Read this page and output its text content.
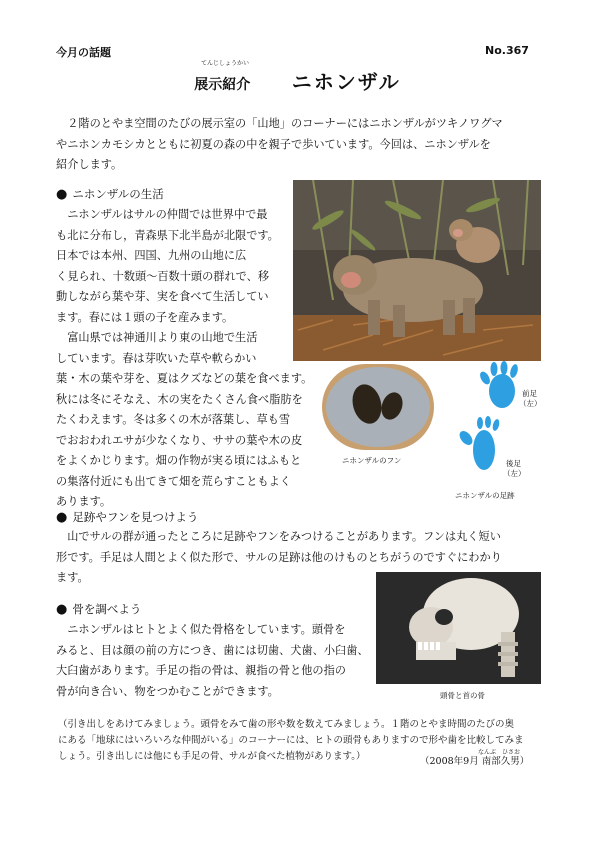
今月の話題	No.367
てんじしょうかい
展示紹介 ニホンザル
　２階のとやま空間のたびの展示室の「山地」のコーナーにはニホンザルがツキノワグマ
やニホンカモシカとともに初夏の森の中を親子で歩いています。今回は、ニホンザルを
紹介します。
● ニホンザルの生活
　ニホンザルはサルの仲間では世界中で最
も北に分布し，青森県下北半島が北限です。
日本では本州、四国、九州の山地に広
く見られ、十数頭〜百数十頭の群れで、移
動しながら葉や芽、実を食べて生活してい
ます。春には１頭の子を産みます。
　富山県では神通川より東の山地で生活
しています。春は芽吹いた草や軟らかい
葉・木の葉や芽を、夏はクズなどの葉を食べます。
秋には冬にそなえ、木の実をたくさん食べ脂肪を
たくわえます。冬は多くの木が落葉し、草も雪
でおおわれエサが少なくなり、ササの葉や木の皮
をよくかじります。畑の作物が実る頃にはふもと
の集落付近にも出てきて畑を荒らすこともよく
あります。
ニホンザルのフン
前足
（左）
後足
（左）
ニホンザルの足跡
● 足跡やフンを見つけよう
　山でサルの群が通ったところに足跡やフンをみつけることがあります。フンは丸く短い
形です。手足は人間とよく似た形で、サルの足跡は他のけものとちがうのですぐにわかり
ます。
● 骨を調べよう
　ニホンザルはヒトとよく似た骨格をしています。頭骨を
みると、目は顔の前の方につき、歯には切歯、犬歯、小臼歯、
大臼歯があります。手足の指の骨は、親指の骨と他の指の
骨が向き合い、物をつかむことができます。	頭骨と首の骨
（引き出しをあけてみましょう。頭骨をみて歯の形や数を数えてみましょう。１階のとやま時間のたびの奥
にある「地球にはいろいろな仲間がいる」のコーナーには、ヒトの頭骨もありますので形や歯を比較してみま
しょう。引き出しには他にも手足の骨、サルが食べた植物があります。）	なんぶ　ひさお
（2008年9月 南部久男）
